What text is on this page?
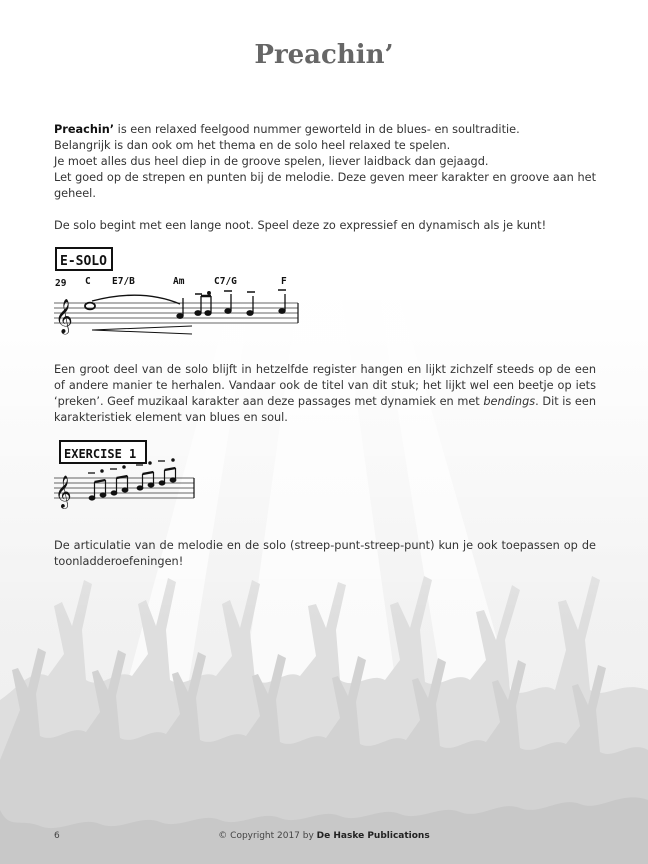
Preachin’

Preachin’ is een relaxed feelgood nummer geworteld in de blues- en soultraditie.
Belangrijk is dan ook om het thema en de solo heel relaxed te spelen.
Je moet alles dus heel diep in de groove spelen, liever laidback dan gejaagd.
Let goed op de strepen en punten bij de melodie. Deze geven meer karakter en groove aan het geheel.

De solo begint met een lange noot. Speel deze zo expressief en dynamisch als je kunt!

E-SOLO
29 C E7/B	Am	C7/G	F
𝄞

Een groot deel van de solo blijft in hetzelfde register hangen en lijkt zichzelf steeds op de een of andere manier te herhalen. Vandaar ook de titel van dit stuk; het lijkt wel een beetje op iets ‘preken’. Geef muzikaal karakter aan deze passages met dynamiek en met bendings. Dit is een karakteristiek element van blues en soul.

EXERCISE 1
𝄞

De articulatie van de melodie en de solo (streep-punt-streep-punt) kun je ook toepassen op de toonladderoefeningen!

6	© Copyright 2017 by De Haske Publications
